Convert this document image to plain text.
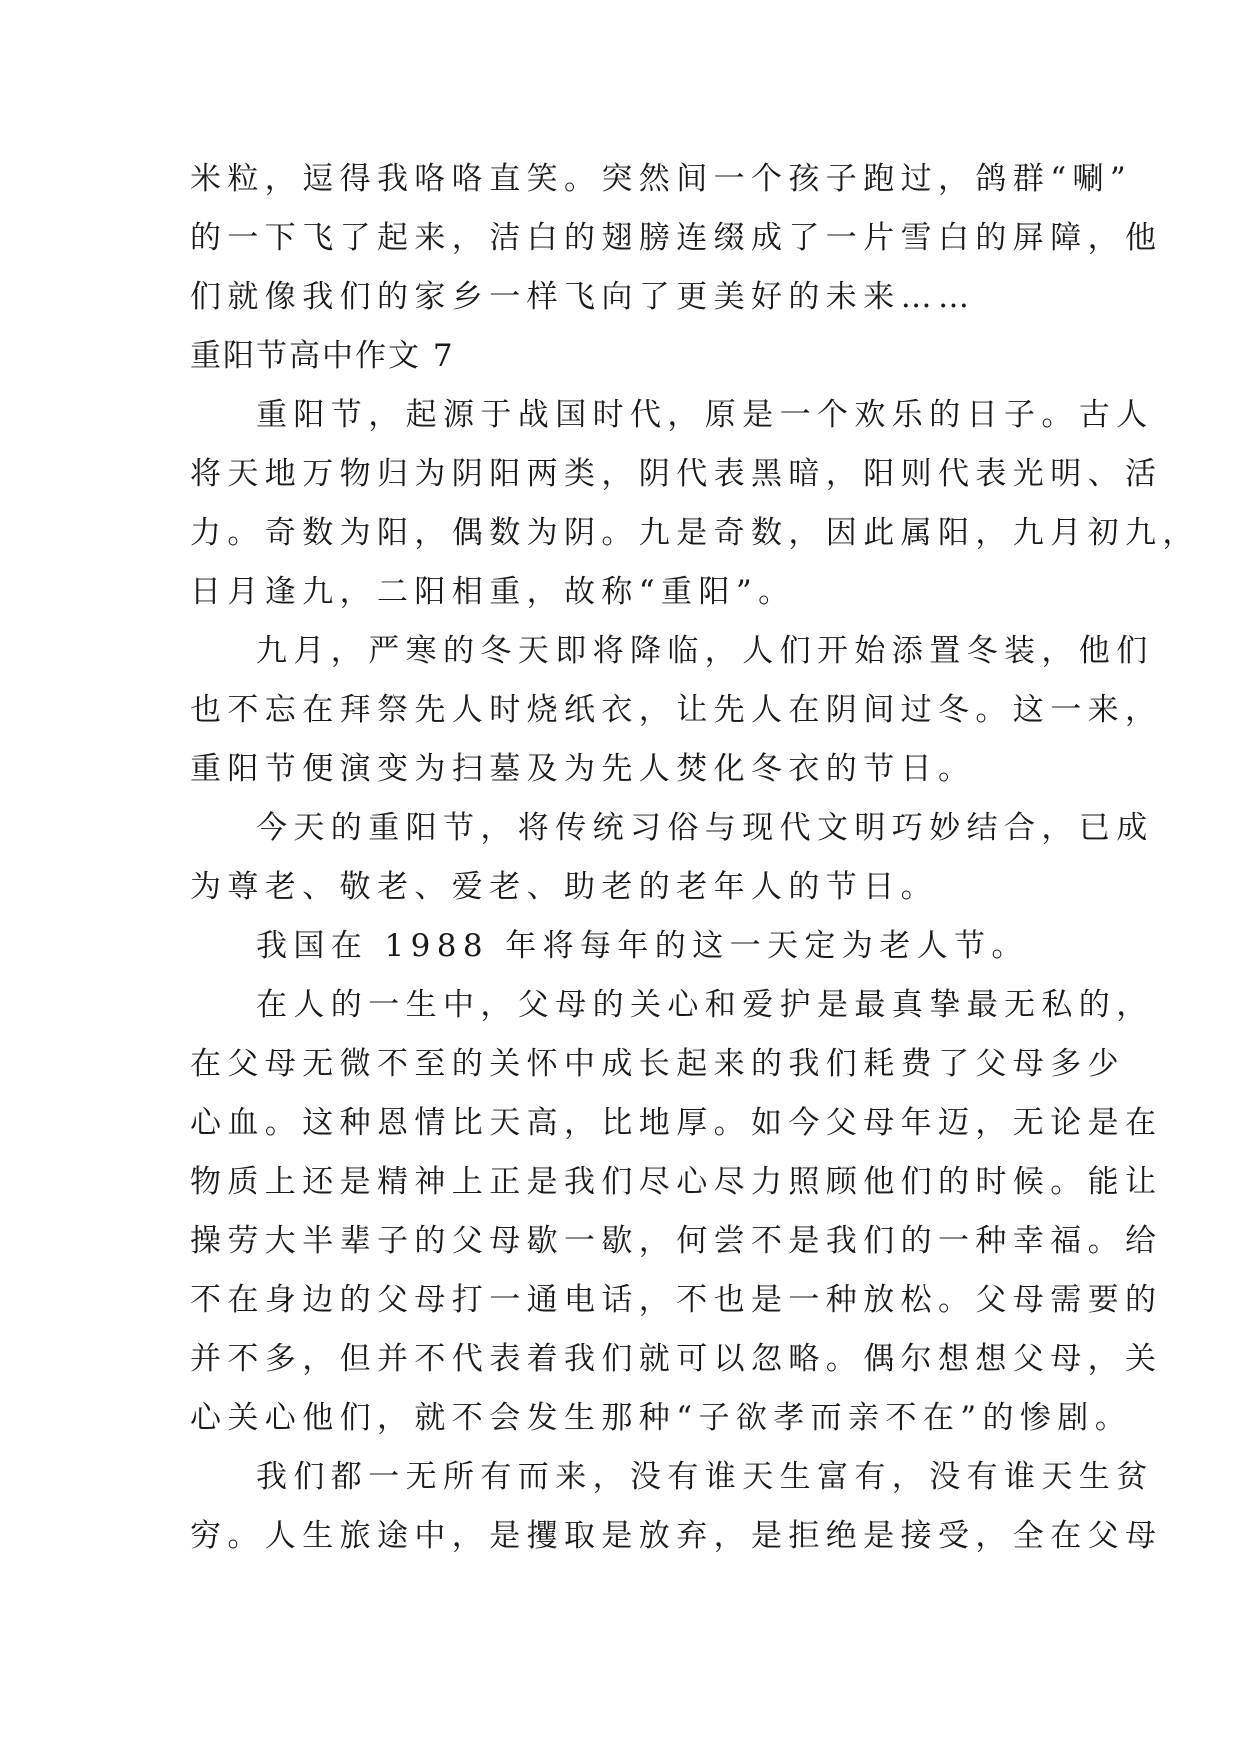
米粒，逗得我咯咯直笑。突然间一个孩子跑过，鸽群“唰”
的一下飞了起来，洁白的翅膀连缀成了一片雪白的屏障，他
们就像我们的家乡一样飞向了更美好的未来……
重阳节高中作文 7
重阳节，起源于战国时代，原是一个欢乐的日子。古人
将天地万物归为阴阳两类，阴代表黑暗，阳则代表光明、活
力。奇数为阳，偶数为阴。九是奇数，因此属阳，九月初九，
日月逢九，二阳相重，故称“重阳”。
九月，严寒的冬天即将降临，人们开始添置冬装，他们
也不忘在拜祭先人时烧纸衣，让先人在阴间过冬。这一来，
重阳节便演变为扫墓及为先人焚化冬衣的节日。
今天的重阳节，将传统习俗与现代文明巧妙结合，已成
为尊老、敬老、爱老、助老的老年人的节日。
我国在 1988 年将每年的这一天定为老人节。
在人的一生中，父母的关心和爱护是最真挚最无私的，
在父母无微不至的关怀中成长起来的我们耗费了父母多少
心血。这种恩情比天高，比地厚。如今父母年迈，无论是在
物质上还是精神上正是我们尽心尽力照顾他们的时候。能让
操劳大半辈子的父母歇一歇，何尝不是我们的一种幸福。给
不在身边的父母打一通电话，不也是一种放松。父母需要的
并不多，但并不代表着我们就可以忽略。偶尔想想父母，关
心关心他们，就不会发生那种“子欲孝而亲不在”的惨剧。
我们都一无所有而来，没有谁天生富有，没有谁天生贫
穷。人生旅途中，是攫取是放弃，是拒绝是接受，全在父母
